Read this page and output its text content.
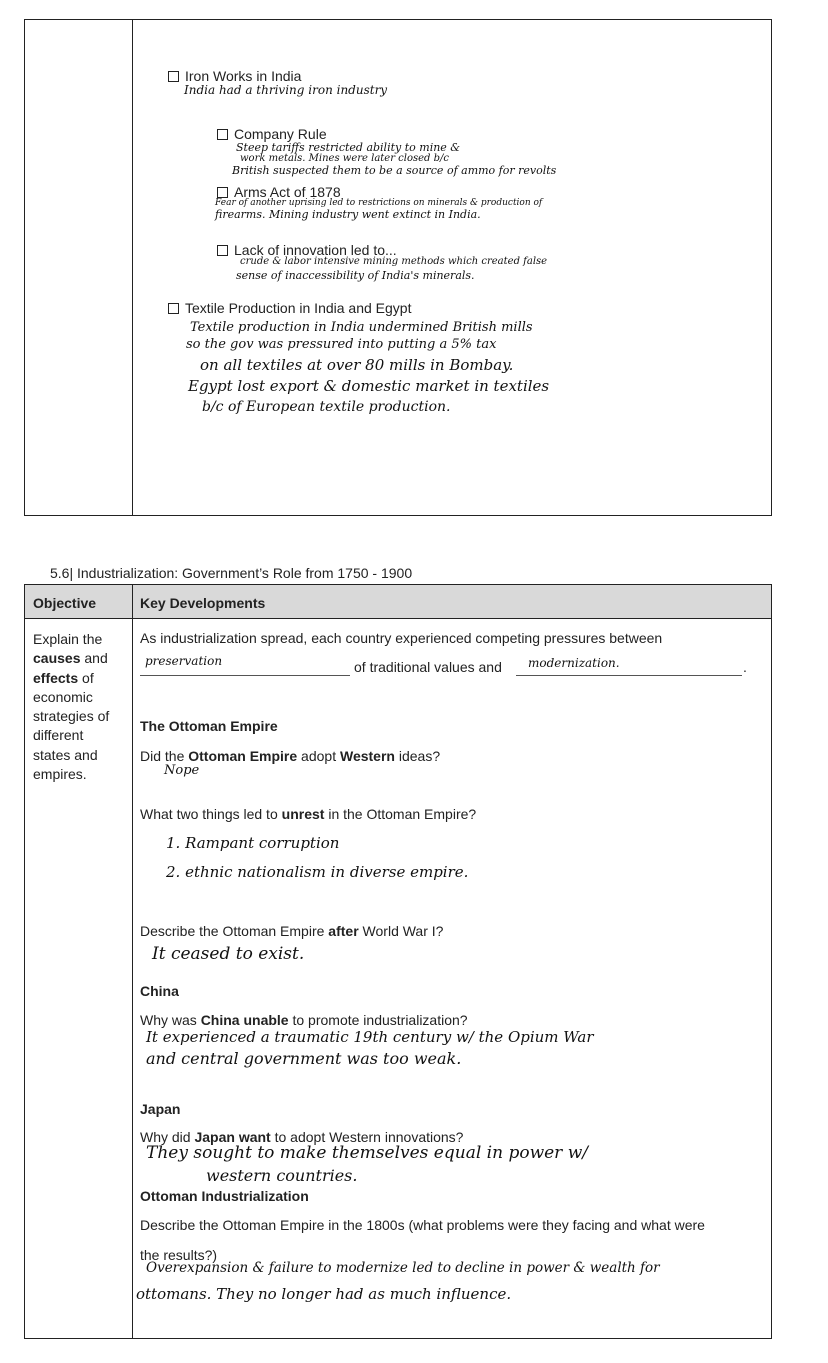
Iron Works in India
India had a thriving iron industry
Company Rule
Steep tariffs restricted ability to mine &
work metals. Mines were later closed b/c
British suspected them to be a source of ammo for revolts
Arms Act of 1878
Fear of another uprising led to restrictions on minerals & production of
firearms. Mining industry went extinct in India.
Lack of innovation led to...
crude & labor intensive mining methods which created false
sense of inaccessibility of India's minerals.
Textile Production in India and Egypt
Textile production in India undermined British mills
so the gov was pressured into putting a 5% tax
on all textiles at over 80 mills in Bombay.
Egypt lost export & domestic market in textiles
b/c of European textile production.
5.6| Industrialization: Government’s Role from 1750 - 1900
Objective	Key Developments
Explain the
causes and
effects of
economic
strategies of
different
states and
empires.
As industrialization spread, each country experienced competing pressures between
preservation	of traditional values and modernization.	.
The Ottoman Empire
Did the Ottoman Empire adopt Western ideas?
Nope
What two things led to unrest in the Ottoman Empire?
1. Rampant corruption
2. ethnic nationalism in diverse empire.
Describe the Ottoman Empire after World War I?
It ceased to exist.
China
Why was China unable to promote industrialization?
It experienced a traumatic 19th century w/ the Opium War
and central government was too weak.
Japan
Why did Japan want to adopt Western innovations?
They sought to make themselves equal in power w/
western countries.
Ottoman Industrialization
Describe the Ottoman Empire in the 1800s (what problems were they facing and what were
the results?)
Overexpansion & failure to modernize led to decline in power & wealth for
ottomans. They no longer had as much influence.
